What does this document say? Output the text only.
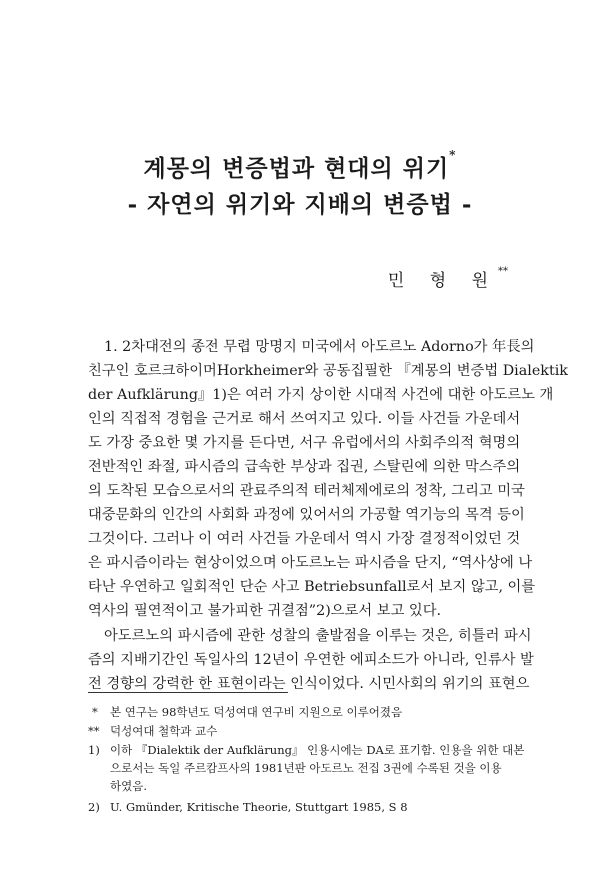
계몽의 변증법과 현대의 위기*
- 자연의 위기와 지배의 변증법 -
민 형 원**
1. 2차대전의 종전 무렵 망명지 미국에서 아도르노 Adorno가 年長의
친구인 호르크하이머Horkheimer와 공동집필한 『계몽의 변증법 Dialektik
der Aufklärung』1)은 여러 가지 상이한 시대적 사건에 대한 아도르노 개
인의 직접적 경험을 근거로 해서 쓰여지고 있다. 이들 사건들 가운데서
도 가장 중요한 몇 가지를 든다면, 서구 유럽에서의 사회주의적 혁명의
전반적인 좌절, 파시즘의 급속한 부상과 집권, 스탈린에 의한 막스주의
의 도착된 모습으로서의 관료주의적 테러체제에로의 정착, 그리고 미국
대중문화의 인간의 사회화 과정에 있어서의 가공할 역기능의 목격 등이
그것이다. 그러나 이 여러 사건들 가운데서 역시 가장 결정적이었던 것
은 파시즘이라는 현상이었으며 아도르노는 파시즘을 단지, “역사상에 나
타난 우연하고 일회적인 단순 사고 Betriebsunfall로서 보지 않고, 이를
역사의 필연적이고 불가피한 귀결점”2)으로서 보고 있다.
아도르노의 파시즘에 관한 성찰의 출발점을 이루는 것은, 히틀러 파시
즘의 지배기간인 독일사의 12년이 우연한 에피소드가 아니라, 인류사 발
전 경향의 강력한 한 표현이라는 인식이었다. 시민사회의 위기의 표현으
* 본 연구는 98학년도 덕성여대 연구비 지원으로 이루어졌음
** 덕성여대 철학과 교수
1) 이하 『Dialektik der Aufklärung』 인용시에는 DA로 표기함. 인용을 위한 대본
으로서는 독일 주르캄프사의 1981년판 아도르노 전집 3권에 수록된 것을 이용
하였음.
2) U. Gmünder, Kritische Theorie, Stuttgart 1985, S 8
